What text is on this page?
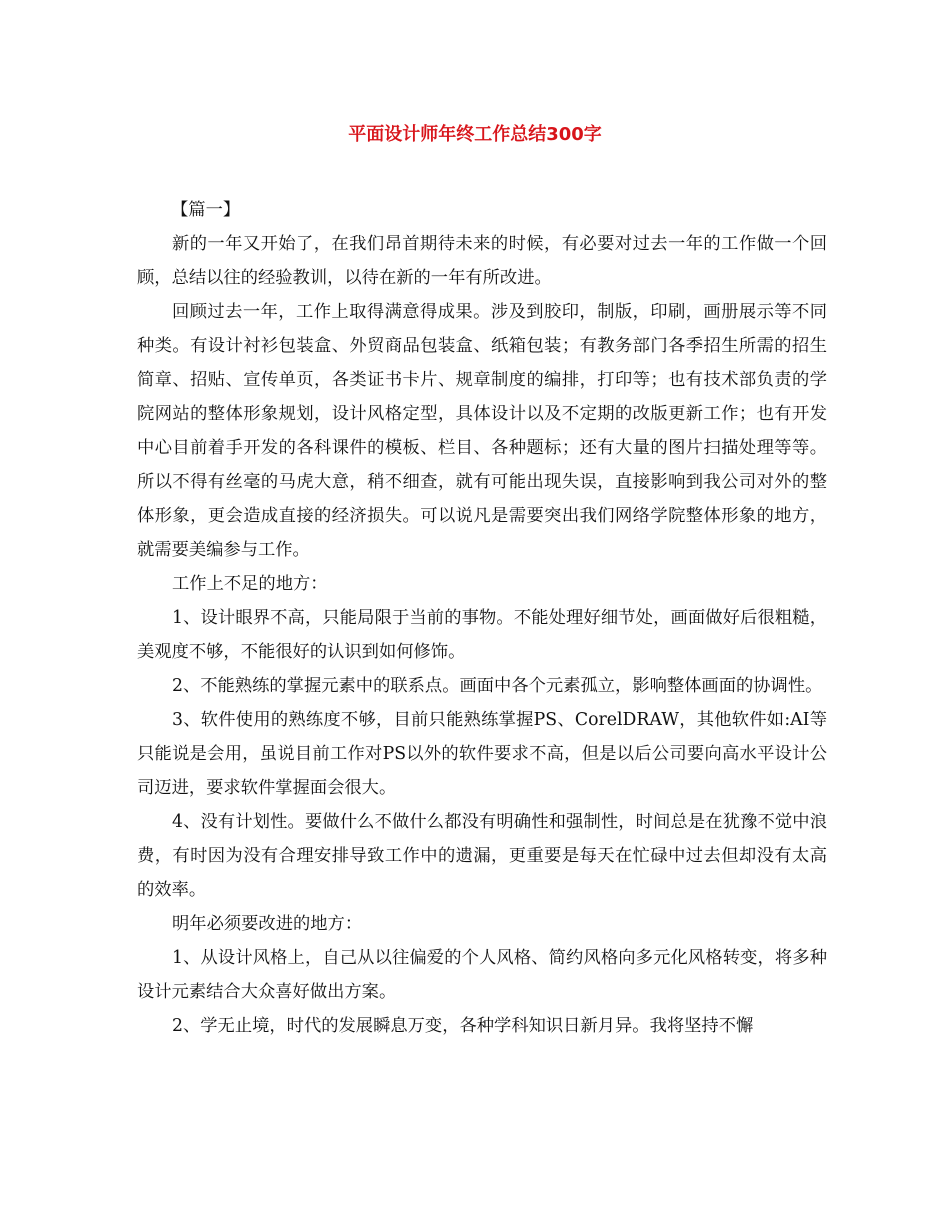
平面设计师年终工作总结300字

【篇一】

新的一年又开始了，在我们昂首期待未来的时候，有必要对过去一年的工作做一个回顾，总结以往的经验教训，以待在新的一年有所改进。

回顾过去一年，工作上取得满意得成果。涉及到胶印，制版，印刷，画册展示等不同种类。有设计衬衫包装盒、外贸商品包装盒、纸箱包装；有教务部门各季招生所需的招生简章、招贴、宣传单页，各类证书卡片、规章制度的编排，打印等；也有技术部负责的学院网站的整体形象规划，设计风格定型，具体设计以及不定期的改版更新工作；也有开发中心目前着手开发的各科课件的模板、栏目、各种题标；还有大量的图片扫描处理等等。所以不得有丝毫的马虎大意，稍不细查，就有可能出现失误，直接影响到我公司对外的整体形象，更会造成直接的经济损失。可以说凡是需要突出我们网络学院整体形象的地方，就需要美编参与工作。

工作上不足的地方：

1、设计眼界不高，只能局限于当前的事物。不能处理好细节处，画面做好后很粗糙，美观度不够，不能很好的认识到如何修饰。

2、不能熟练的掌握元素中的联系点。画面中各个元素孤立，影响整体画面的协调性。

3、软件使用的熟练度不够，目前只能熟练掌握PS、CorelDRAW，其他软件如:AI等只能说是会用，虽说目前工作对PS以外的软件要求不高，但是以后公司要向高水平设计公司迈进，要求软件掌握面会很大。

4、没有计划性。要做什么不做什么都没有明确性和强制性，时间总是在犹豫不觉中浪费，有时因为没有合理安排导致工作中的遗漏，更重要是每天在忙碌中过去但却没有太高的效率。

明年必须要改进的地方：

1、从设计风格上，自己从以往偏爱的个人风格、简约风格向多元化风格转变，将多种设计元素结合大众喜好做出方案。

2、学无止境，时代的发展瞬息万变，各种学科知识日新月异。我将坚持不懈
